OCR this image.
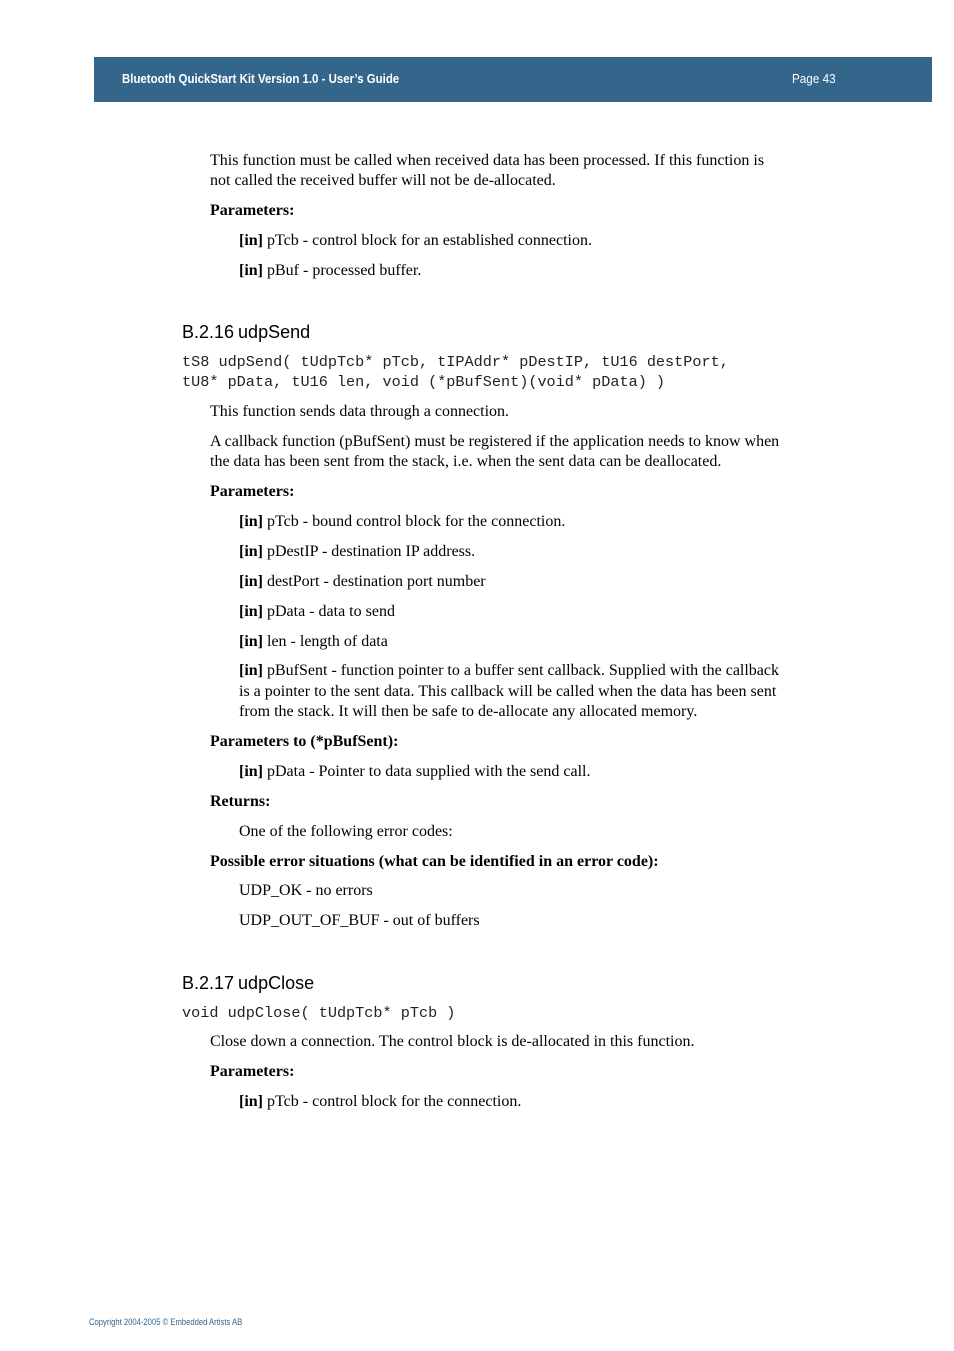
Bluetooth QuickStart Kit Version 1.0 - User’s Guide	Page 43
This function must be called when received data has been processed. If this function is
not called the received buffer will not be de-allocated.
Parameters:
[in] pTcb - control block for an established connection.
[in] pBuf - processed buffer.
B.2.16 udpSend
tS8 udpSend( tUdpTcb* pTcb, tIPAddr* pDestIP, tU16 destPort,
tU8* pData, tU16 len, void (*pBufSent)(void* pData) )
This function sends data through a connection.
A callback function (pBufSent) must be registered if the application needs to know when
the data has been sent from the stack, i.e. when the sent data can be deallocated.
Parameters:
[in] pTcb - bound control block for the connection.
[in] pDestIP - destination IP address.
[in] destPort - destination port number
[in] pData - data to send
[in] len - length of data
[in] pBufSent - function pointer to a buffer sent callback. Supplied with the callback
is a pointer to the sent data. This callback will be called when the data has been sent
from the stack. It will then be safe to de-allocate any allocated memory.
Parameters to (*pBufSent):
[in] pData - Pointer to data supplied with the send call.
Returns:
One of the following error codes:
Possible error situations (what can be identified in an error code):
UDP_OK - no errors
UDP_OUT_OF_BUF - out of buffers
B.2.17 udpClose
void udpClose( tUdpTcb* pTcb )
Close down a connection. The control block is de-allocated in this function.
Parameters:
[in] pTcb - control block for the connection.
Copyright 2004-2005 © Embedded Artists AB
